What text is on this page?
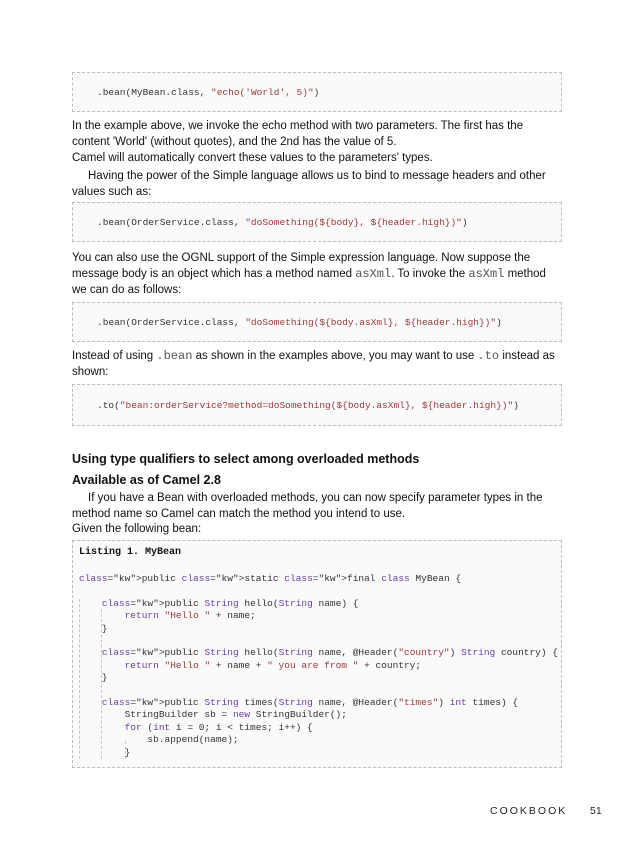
.bean(MyBean.class, "echo('World', 5)")
In the example above, we invoke the echo method with two parameters. The first has the
content 'World' (without quotes), and the 2nd has the value of 5.
Camel will automatically convert these values to the parameters' types.
Having the power of the Simple language allows us to bind to message headers and other
values such as:
.bean(OrderService.class, "doSomething(${body}, ${header.high})")
You can also use the OGNL support of the Simple expression language. Now suppose the
message body is an object which has a method named asXml. To invoke the asXml method
we can do as follows:
.bean(OrderService.class, "doSomething(${body.asXml}, ${header.high})")
Instead of using .bean as shown in the examples above, you may want to use .to instead as
shown:
.to("bean:orderService?method=doSomething(${body.asXml}, ${header.high})")
Using type qualifiers to select among overloaded methods
Available as of Camel 2.8
If you have a Bean with overloaded methods, you can now specify parameter types in the
method name so Camel can match the method you intend to use.
Given the following bean:
Listing 1. MyBean
class="kw">public class="kw">static class="kw">final class MyBean {
class="kw">public String hello(String name) {
return "Hello " + name;
}
class="kw">public String hello(String name, @Header("country") String country) {
return "Hello " + name + " you are from " + country;
}
class="kw">public String times(String name, @Header("times") int times) {
StringBuilder sb = new StringBuilder();
for (int i = 0; i < times; i++) {
sb.append(name);
}
COOKBOOK 51
